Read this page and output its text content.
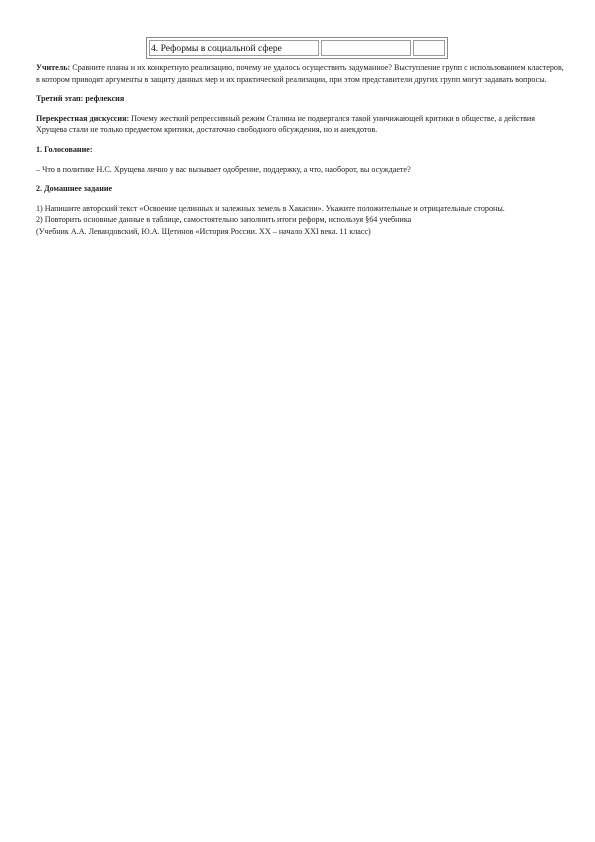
4. Реформы в социальной сфере

Учитель: Сравните планы и их конкретную реализацию, почему не удалось осуществить задуманное? Выступление групп с использованием кластеров, в котором приводят аргументы в защиту данных мер и их практической реализации, при этом представители других групп могут задавать вопросы.

Третий этап: рефлексия

Перекрестная дискуссия: Почему жесткий репрессивный режим Сталина не подвергался такой уничижающей критики в обществе, а действия Хрущева стали не только предметом критики, достаточно свободного обсуждения, но и анекдотов.

1. Голосование:

– Что в политике Н.С. Хрущева лично у вас вызывает одобрение, поддержку, а что, наоборот, вы осуждаете?

2. Домашнее задание

1) Напишите авторский текст «Освоение целинных и залежных земель в Хакасии». Укажите положительные и отрицательные стороны.

2) Повторить основные данные в таблице, самостоятельно заполнить итоги реформ, используя §64 учебника

(Учебник А.А. Левандовский, Ю.А. Щетинов «История России. XX – начало XXI века. 11 класс)
